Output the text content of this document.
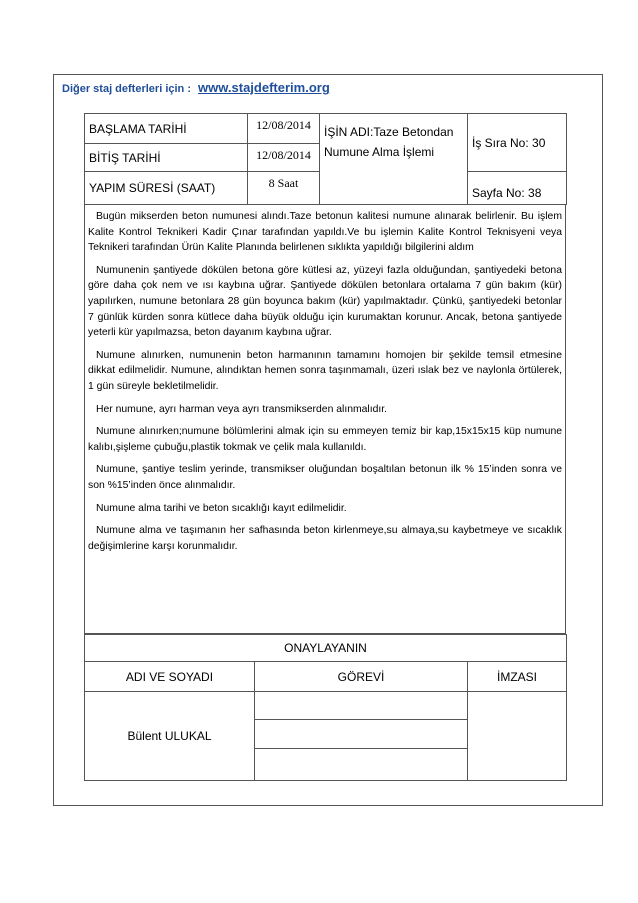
Diğer staj defterleri için : www.stajdefterim.org
BAŞLAMA TARİHİ	12/08/2014	İŞİN ADI:Taze Betondan Numune Alma İşlemi	İş Sıra No: 30
BİTİŞ TARİHİ	12/08/2014		
YAPIM SÜRESİ (SAAT)	8 Saat		Sayfa No: 38

Bugün mikserden beton numunesi alındı.Taze betonun kalitesi numune alınarak belirlenir. Bu işlem Kalite Kontrol Teknikeri Kadir Çınar tarafından yapıldı.Ve bu işlemin Kalite Kontrol Teknisyeni veya Teknikeri tarafından Ürün Kalite Planında belirlenen sıklıkta yapıldığı bilgilerini aldım

Numunenin şantiyede dökülen betona göre kütlesi az, yüzeyi fazla olduğundan, şantiyedeki betona göre daha çok nem ve ısı kaybına uğrar. Şantiyede dökülen betonlara ortalama 7 gün bakım (kür) yapılırken, numune betonlara 28 gün boyunca bakım (kür) yapılmaktadır. Çünkü, şantiyedeki betonlar 7 günlük kürden sonra kütlece daha büyük olduğu için kurumaktan korunur. Ancak, betona şantiyede yeterli kür yapılmazsa, beton dayanım kaybına uğrar.

Numune alınırken, numunenin beton harmanının tamamını homojen bir şekilde temsil etmesine dikkat edilmelidir. Numune, alındıktan hemen sonra taşınmamalı, üzeri ıslak bez ve naylonla örtülerek, 1 gün süreyle bekletilmelidir.

Her numune, ayrı harman veya ayrı transmikserden alınmalıdır.

Numune alınırken;numune bölümlerini almak için su emmeyen temiz bir kap,15x15x15 küp numune kalıbı,şişleme çubuğu,plastik tokmak ve çelik mala kullanıldı.

Numune, şantiye teslim yerinde, transmikser oluğundan boşaltılan betonun ilk % 15’inden sonra ve son %15’inden önce alınmalıdır.

Numune alma tarihi ve beton sıcaklığı kayıt edilmelidir.

Numune alma ve taşımanın her safhasında beton kirlenmeye,su almaya,su kaybetmeye ve sıcaklık değişimlerine karşı korunmalıdır.

ONAYLAYANIN		
ADI VE SOYADI	GÖREVİ	İMZASI
Bülent ULUKAL		
